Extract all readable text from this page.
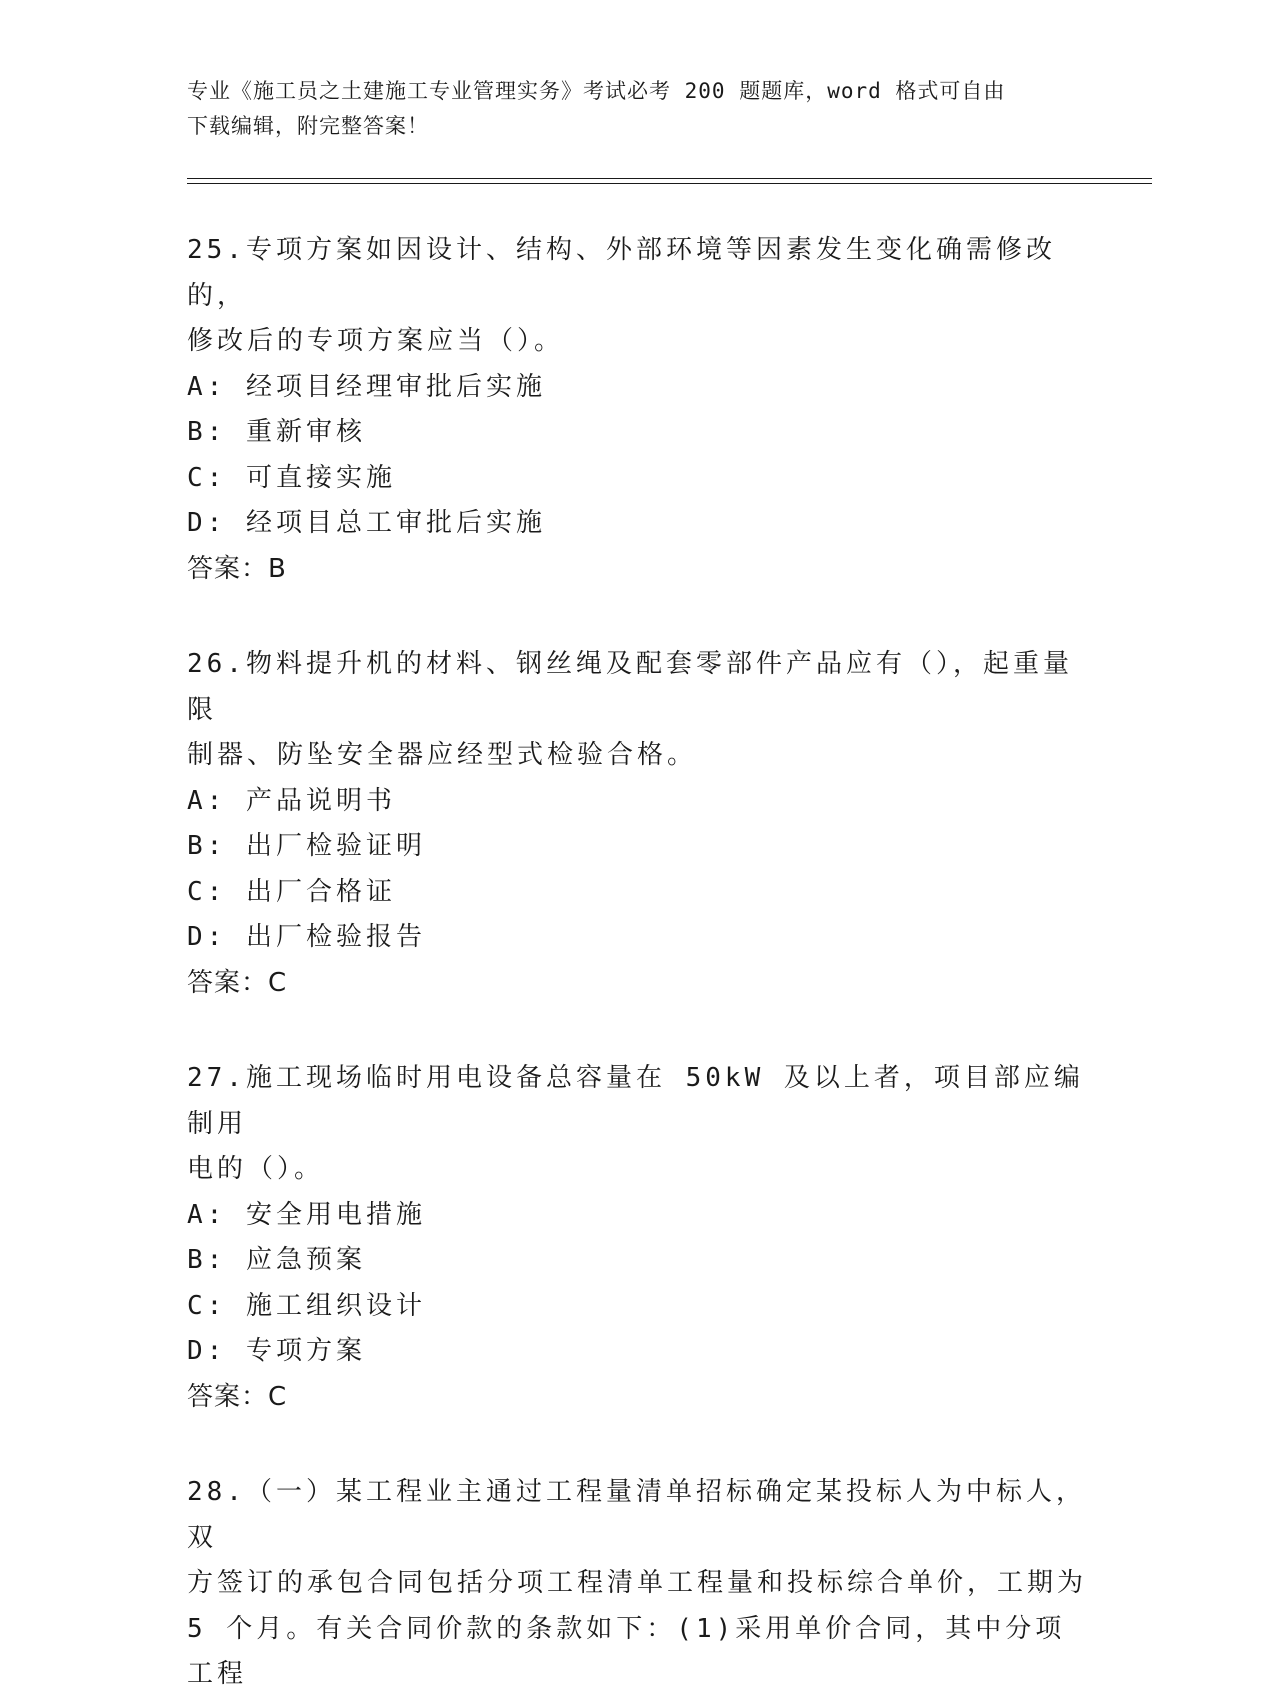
专业《施工员之土建施工专业管理实务》考试必考 200 题题库，word 格式可自由
下载编辑，附完整答案！
25.专项方案如因设计、结构、外部环境等因素发生变化确需修改的，
修改后的专项方案应当（）。
A:
经项目经理审批后实施
B:
重新审核
C:
可直接实施
D:
经项目总工审批后实施
答案：B
26.物料提升机的材料、钢丝绳及配套零部件产品应有（），起重量限
制器、防坠安全器应经型式检验合格。
A:
产品说明书
B:
出厂检验证明
C:
出厂合格证
D:
出厂检验报告
答案：C
27.施工现场临时用电设备总容量在 50kW 及以上者，项目部应编制用
电的（）。
A:
安全用电措施
B:
应急预案
C:
施工组织设计
D:
专项方案
答案：C
28.（一）某工程业主通过工程量清单招标确定某投标人为中标人，双
方签订的承包合同包括分项工程清单工程量和投标综合单价，工期为
5 个月。有关合同价款的条款如下：(1)采用单价合同，其中分项工程
